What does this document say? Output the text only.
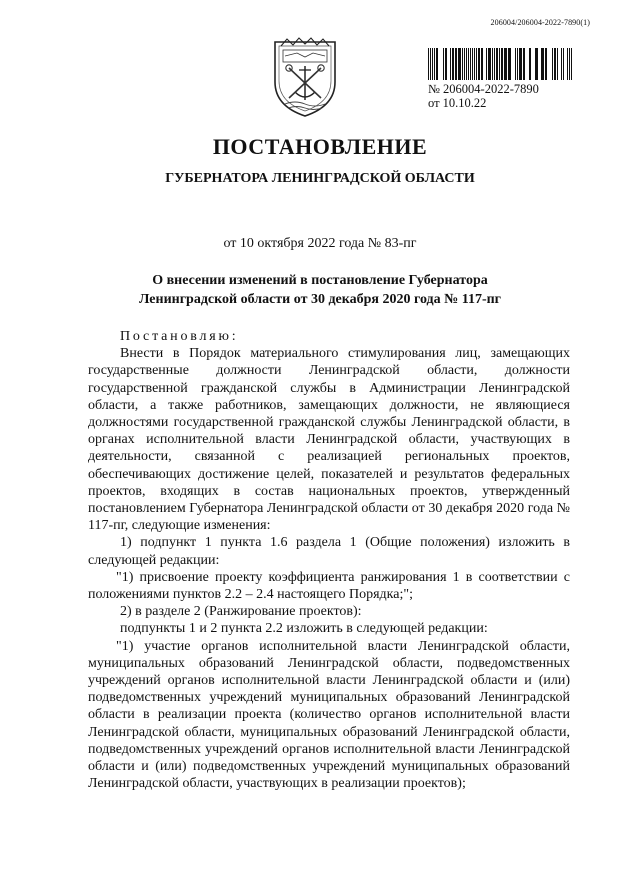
206004/206004-2022-7890(1)
№ 206004-2022-7890
от 10.10.22
ПОСТАНОВЛЕНИЕ
ГУБЕРНАТОРА ЛЕНИНГРАДСКОЙ ОБЛАСТИ
от 10 октября 2022 года № 83-пг
О внесении изменений в постановление Губернатора
Ленинградской области от 30 декабря 2020 года № 117-пг

Постановляю:

Внести в Порядок материального стимулирования лиц, замещающих государственные должности Ленинградской области, должности государственной гражданской службы в Администрации Ленинградской области, а также работников, замещающих должности, не являющиеся должностями государственной гражданской службы Ленинградской области, в органах исполнительной власти Ленинградской области, участвующих в деятельности, связанной с реализацией региональных проектов, обеспечивающих достижение целей, показателей и результатов федеральных проектов, входящих в состав национальных проектов, утвержденный постановлением Губернатора Ленинградской области от 30 декабря 2020 года № 117-пг, следующие изменения:

1) подпункт 1 пункта 1.6 раздела 1 (Общие положения) изложить в следующей редакции:

"1) присвоение проекту коэффициента ранжирования 1 в соответствии с положениями пунктов 2.2 – 2.4 настоящего Порядка;";

2) в разделе 2 (Ранжирование проектов):

подпункты 1 и 2 пункта 2.2 изложить в следующей редакции:

"1) участие органов исполнительной власти Ленинградской области, муниципальных образований Ленинградской области, подведомственных учреждений органов исполнительной власти Ленинградской области и (или) подведомственных учреждений муниципальных образований Ленинградской области в реализации проекта (количество органов исполнительной власти Ленинградской области, муниципальных образований Ленинградской области, подведомственных учреждений органов исполнительной власти Ленинградской области и (или) подведомственных учреждений муниципальных образований Ленинградской области, участвующих в реализации проектов);
